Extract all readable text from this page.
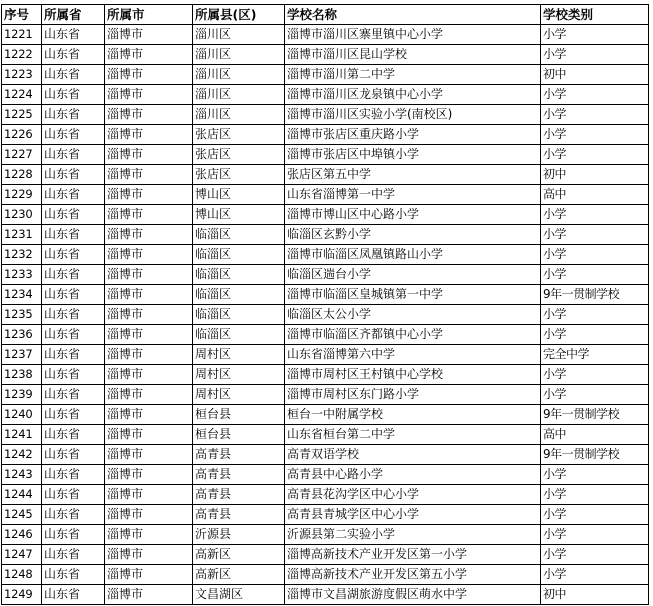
序号	所属省	所属市	所属县(区)	学校名称	学校类别
1221	山东省	淄博市	淄川区	淄博市淄川区寨里镇中心小学	小学
1222	山东省	淄博市	淄川区	淄博市淄川区昆山学校	小学
1223	山东省	淄博市	淄川区	淄博市淄川第二中学	初中
1224	山东省	淄博市	淄川区	淄博市淄川区龙泉镇中心小学	小学
1225	山东省	淄博市	淄川区	淄博市淄川区实验小学(南校区)	小学
1226	山东省	淄博市	张店区	淄博市张店区重庆路小学	小学
1227	山东省	淄博市	张店区	淄博市张店区中埠镇小学	小学
1228	山东省	淄博市	张店区	张店区第五中学	初中
1229	山东省	淄博市	博山区	山东省淄博第一中学	高中
1230	山东省	淄博市	博山区	淄博市博山区中心路小学	小学
1231	山东省	淄博市	临淄区	临淄区玄黔小学	小学
1232	山东省	淄博市	临淄区	淄博市临淄区凤凰镇路山小学	小学
1233	山东省	淄博市	临淄区	临淄区遄台小学	小学
1234	山东省	淄博市	临淄区	淄博市临淄区皇城镇第一中学	9年一贯制学校
1235	山东省	淄博市	临淄区	临淄区太公小学	小学
1236	山东省	淄博市	临淄区	淄博市临淄区齐都镇中心小学	小学
1237	山东省	淄博市	周村区	山东省淄博第六中学	完全中学
1238	山东省	淄博市	周村区	淄博市周村区王村镇中心学校	小学
1239	山东省	淄博市	周村区	淄博市周村区东门路小学	小学
1240	山东省	淄博市	桓台县	桓台一中附属学校	9年一贯制学校
1241	山东省	淄博市	桓台县	山东省桓台第二中学	高中
1242	山东省	淄博市	高青县	高青双语学校	9年一贯制学校
1243	山东省	淄博市	高青县	高青县中心路小学	小学
1244	山东省	淄博市	高青县	高青县花沟学区中心小学	小学
1245	山东省	淄博市	高青县	高青县青城学区中心小学	小学
1246	山东省	淄博市	沂源县	沂源县第二实验小学	小学
1247	山东省	淄博市	高新区	淄博高新技术产业开发区第一小学	小学
1248	山东省	淄博市	高新区	淄博高新技术产业开发区第五小学	小学
1249	山东省	淄博市	文昌湖区	淄博市文昌湖旅游度假区萌水中学	初中
